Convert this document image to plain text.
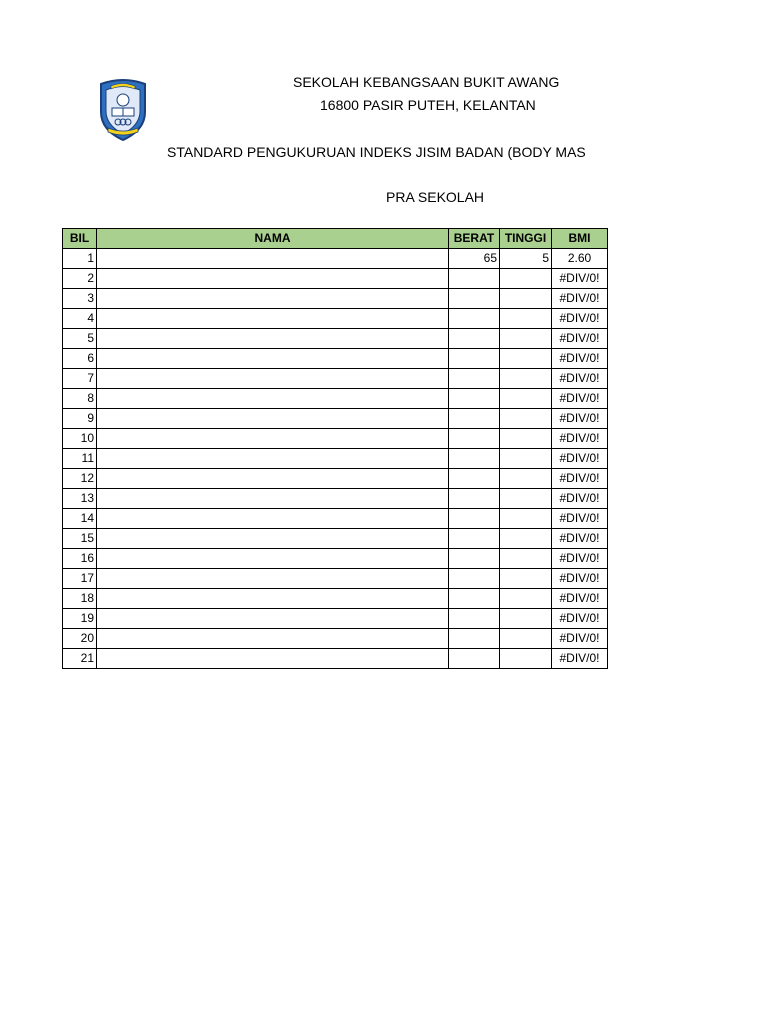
SEKOLAH KEBANGSAAN BUKIT AWANG
16800 PASIR PUTEH, KELANTAN
STANDARD PENGUKURUAN INDEKS JISIM BADAN (BODY MAS
PRA SEKOLAH
BIL	NAMA	BERAT	TINGGI	BMI
1		65	5	2.60
2				#DIV/0!
3				#DIV/0!
4				#DIV/0!
5				#DIV/0!
6				#DIV/0!
7				#DIV/0!
8				#DIV/0!
9				#DIV/0!
10				#DIV/0!
11				#DIV/0!
12				#DIV/0!
13				#DIV/0!
14				#DIV/0!
15				#DIV/0!
16				#DIV/0!
17				#DIV/0!
18				#DIV/0!
19				#DIV/0!
20				#DIV/0!
21				#DIV/0!
